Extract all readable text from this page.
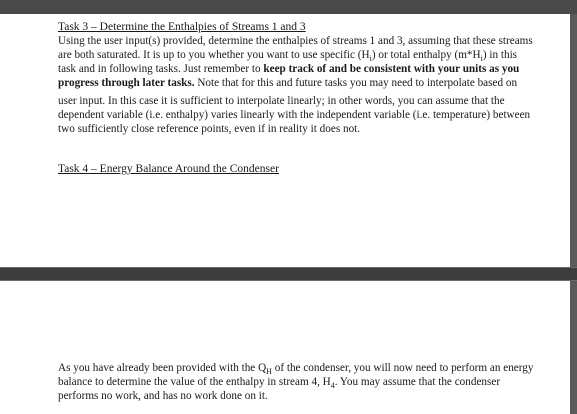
Task 3 – Determine the Enthalpies of Streams 1 and 3
Using the user input(s) provided, determine the enthalpies of streams 1 and 3, assuming that these streams
are both saturated. It is up to you whether you want to use specific $(H_i)$ or total enthalpy $(m*H_i)$ in this
task and in following tasks. Just remember to keep track of and be consistent with your units as you
progress through later tasks. Note that for this and future tasks you may need to interpolate based on
user input. In this case it is sufficient to interpolate linearly; in other words, you can assume that the
dependent variable (i.e. enthalpy) varies linearly with the independent variable (i.e. temperature) between
two sufficiently close reference points, even if in reality it does not.
Task 4 – Energy Balance Around the Condenser
As you have already been provided with the $Q_H$ of the condenser, you will now need to perform an energy
balance to determine the value of the enthalpy in stream 4, $H_4$. You may assume that the condenser
performs no work, and has no work done on it.
